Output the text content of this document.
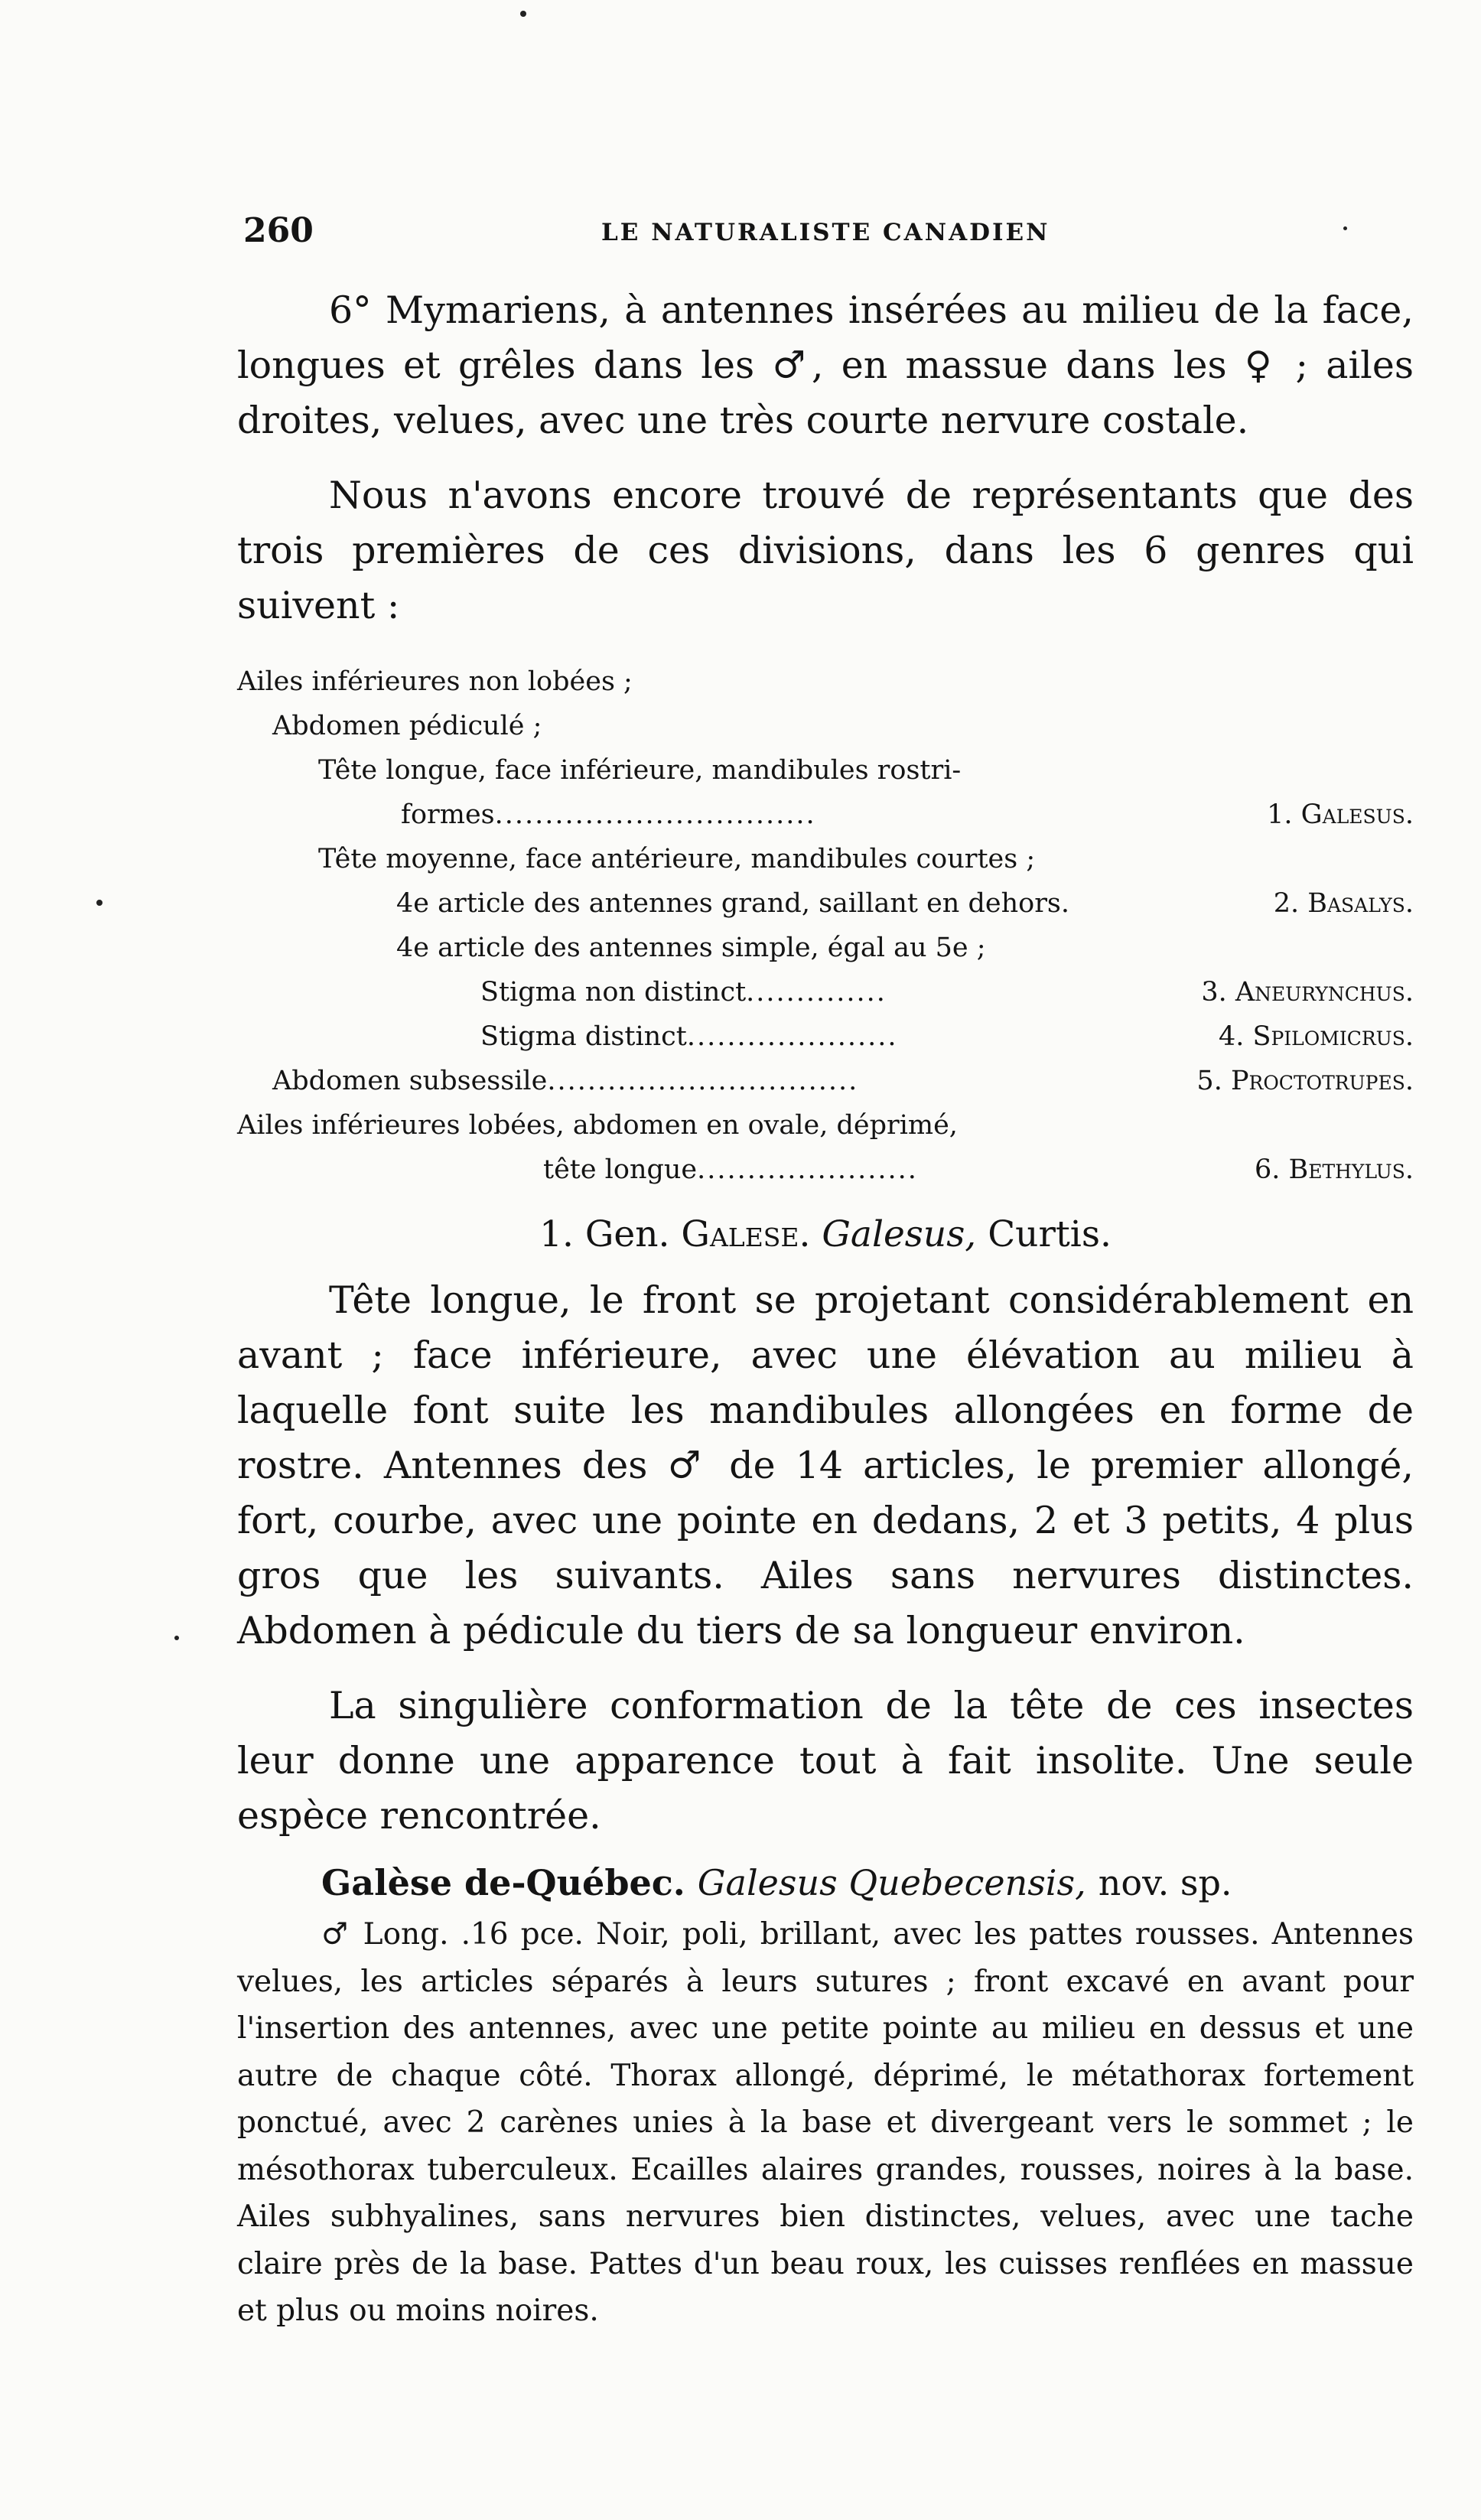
260	LE NATURALISTE CANADIEN

6° Mymariens, à antennes insérées au milieu de la face, longues et grêles dans les ♂, en massue dans les ♀ ; ailes droites, velues, avec une très courte nervure costale.

Nous n'avons encore trouvé de représentants que des trois premières de ces divisions, dans les 6 genres qui suivent :

Ailes inférieures non lobées ;

Abdomen pédiculé ;

Tête longue, face inférieure, mandibules rostri-

formes................................	1. Galesus.

Tête moyenne, face antérieure, mandibules courtes ;

4e article des antennes grand, saillant en dehors.	2. Basalys.

4e article des antennes simple, égal au 5e ;

Stigma non distinct..............	3. Aneurynchus.

Stigma distinct.....................	4. Spilomicrus.

Abdomen subsessile...............................	5. Proctotrupes.

Ailes inférieures lobées, abdomen en ovale, déprimé,

tête longue......................	6. Bethylus.

1. Gen. Galese. Galesus, Curtis.

Tête longue, le front se projetant considérablement en avant ; face inférieure, avec une élévation au milieu à laquelle font suite les mandibules allongées en forme de rostre. Antennes des ♂ de 14 articles, le premier allongé, fort, courbe, avec une pointe en dedans, 2 et 3 petits, 4 plus gros que les suivants. Ailes sans nervures distinctes. Abdomen à pédicule du tiers de sa longueur environ.

La singulière conformation de la tête de ces insectes leur donne une apparence tout à fait insolite. Une seule espèce rencontrée.

Galèse de-Québec. Galesus Quebecensis, nov. sp.

♂ Long. .16 pce. Noir, poli, brillant, avec les pattes rousses. Antennes velues, les articles séparés à leurs sutures ; front excavé en avant pour l'insertion des antennes, avec une petite pointe au milieu en dessus et une autre de chaque côté. Thorax allongé, déprimé, le métathorax fortement ponctué, avec 2 carènes unies à la base et divergeant vers le sommet ; le mésothorax tuberculeux. Ecailles alaires grandes, rousses, noires à la base. Ailes subhyalines, sans nervures bien distinctes, velues, avec une tache claire près de la base. Pattes d'un beau roux, les cuisses renflées en massue et plus ou moins noires.
